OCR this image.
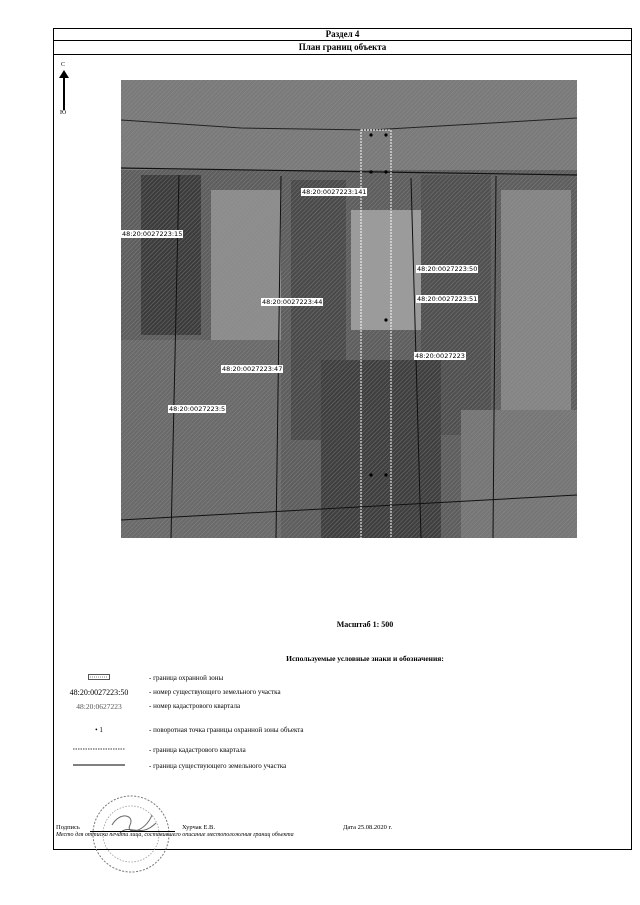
Раздел 4
План границ объекта
С
Ю
48:20:0027223:141
48:20:0027223:15
48:20:0027223:50
48:20:0027223:44	48:20:0027223:51
48:20:0027223
48:20:0027223:47
48:20:0027223:5
Масштаб 1: 500
Используемые условные знаки и обозначения:
- граница охранной зоны
48:20:0027223:50	- номер существующего земельного участка
48:20:0627223	- номер кадастрового квартала
• 1	- поворотная точка границы охранной зоны объекта
- граница кадастрового квартала
- граница существующего земельного участка
Подпись	Хурчак Е.В.	Дата 25.08.2020 г.
Место для оттиска печати лица, составившего описание местоположения границ объекта
